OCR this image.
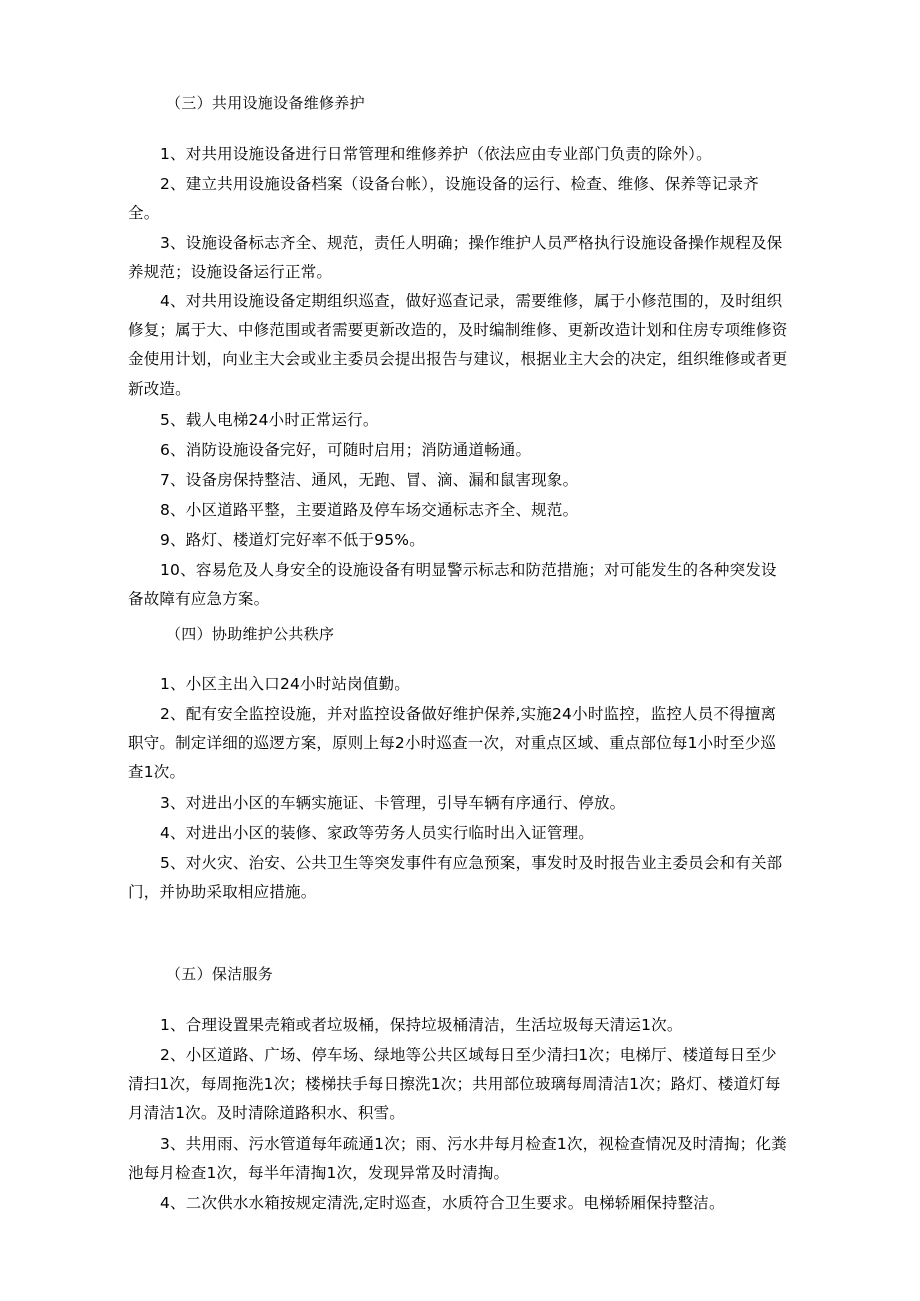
（三）共用设施设备维修养护

1、对共用设施设备进行日常管理和维修养护（依法应由专业部门负责的除外）。

2、建立共用设施设备档案（设备台帐），设施设备的运行、检查、维修、保养等记录齐全。

3、设施设备标志齐全、规范，责任人明确；操作维护人员严格执行设施设备操作规程及保养规范；设施设备运行正常。

4、对共用设施设备定期组织巡查，做好巡查记录，需要维修，属于小修范围的，及时组织修复；属于大、中修范围或者需要更新改造的，及时编制维修、更新改造计划和住房专项维修资金使用计划，向业主大会或业主委员会提出报告与建议，根据业主大会的决定，组织维修或者更新改造。

5、载人电梯24小时正常运行。

6、消防设施设备完好，可随时启用；消防通道畅通。

7、设备房保持整洁、通风，无跑、冒、滴、漏和鼠害现象。

8、小区道路平整，主要道路及停车场交通标志齐全、规范。

9、路灯、楼道灯完好率不低于95%。

10、容易危及人身安全的设施设备有明显警示标志和防范措施；对可能发生的各种突发设备故障有应急方案。

（四）协助维护公共秩序

1、小区主出入口24小时站岗值勤。

2、配有安全监控设施，并对监控设备做好维护保养,实施24小时监控，监控人员不得擅离职守。制定详细的巡逻方案，原则上每2小时巡查一次，对重点区域、重点部位每1小时至少巡查1次。

3、对进出小区的车辆实施证、卡管理，引导车辆有序通行、停放。

4、对进出小区的装修、家政等劳务人员实行临时出入证管理。

5、对火灾、治安、公共卫生等突发事件有应急预案，事发时及时报告业主委员会和有关部门，并协助采取相应措施。

（五）保洁服务

1、合理设置果壳箱或者垃圾桶，保持垃圾桶清洁，生活垃圾每天清运1次。

2、小区道路、广场、停车场、绿地等公共区域每日至少清扫1次；电梯厅、楼道每日至少清扫1次，每周拖洗1次；楼梯扶手每日擦洗1次；共用部位玻璃每周清洁1次；路灯、楼道灯每月清洁1次。及时清除道路积水、积雪。

3、共用雨、污水管道每年疏通1次；雨、污水井每月检查1次，视检查情况及时清掏；化粪池每月检查1次，每半年清掏1次，发现异常及时清掏。

4、二次供水水箱按规定清洗,定时巡查，水质符合卫生要求。电梯轿厢保持整洁。
